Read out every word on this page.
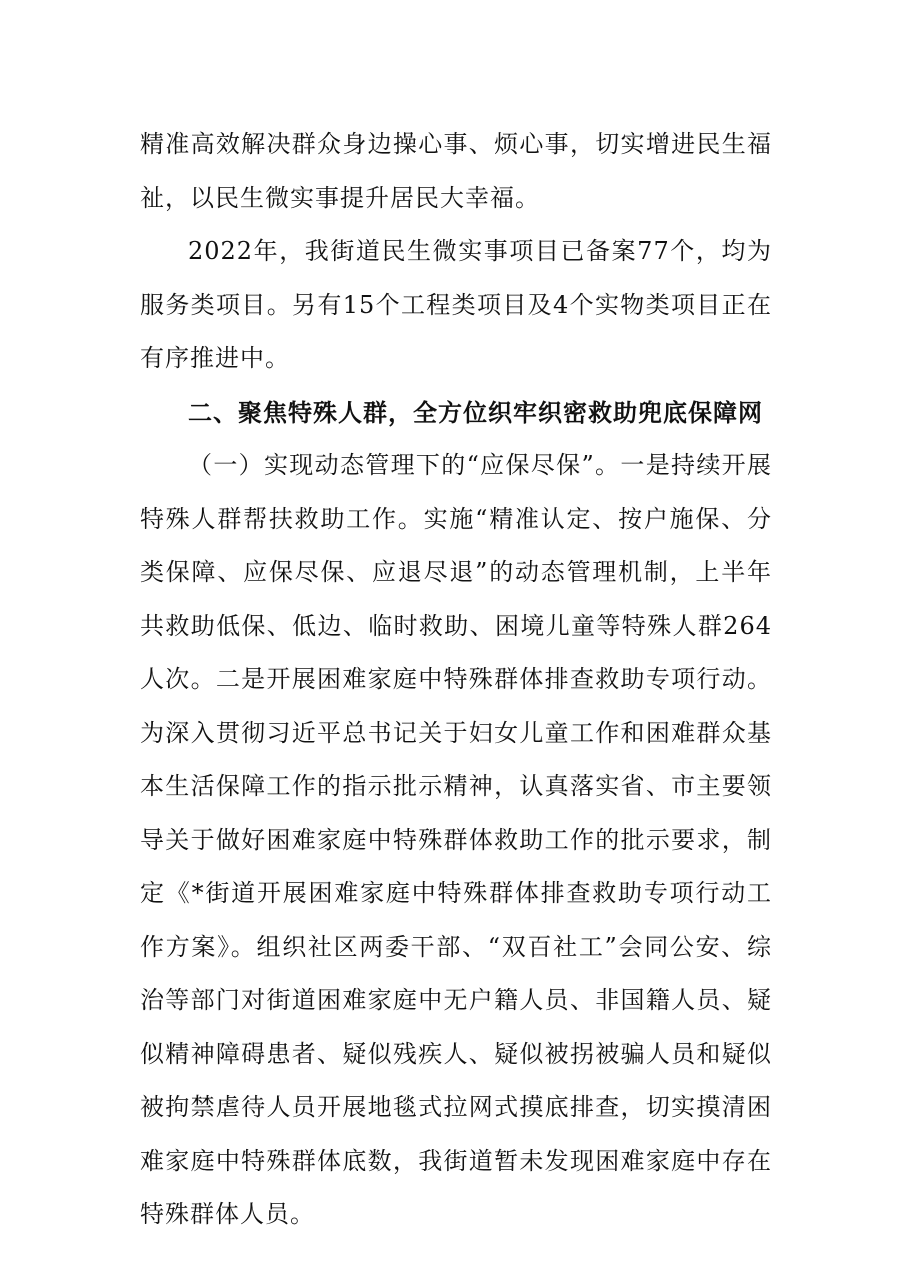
精准高效解决群众身边操心事、烦心事，切实增进民生福祉，以民生微实事提升居民大幸福。

2022年，我街道民生微实事项目已备案77个，均为服务类项目。另有15个工程类项目及4个实物类项目正在有序推进中。

二、聚焦特殊人群，全方位织牢织密救助兜底保障网

（一）实现动态管理下的“应保尽保”。一是持续开展特殊人群帮扶救助工作。实施“精准认定、按户施保、分类保障、应保尽保、应退尽退”的动态管理机制，上半年共救助低保、低边、临时救助、困境儿童等特殊人群264人次。二是开展困难家庭中特殊群体排查救助专项行动。为深入贯彻习近平总书记关于妇女儿童工作和困难群众基本生活保障工作的指示批示精神，认真落实省、市主要领导关于做好困难家庭中特殊群体救助工作的批示要求，制定《*街道开展困难家庭中特殊群体排查救助专项行动工作方案》。组织社区两委干部、“双百社工”会同公安、综治等部门对街道困难家庭中无户籍人员、非国籍人员、疑似精神障碍患者、疑似残疾人、疑似被拐被骗人员和疑似被拘禁虐待人员开展地毯式拉网式摸底排查，切实摸清困难家庭中特殊群体底数，我街道暂未发现困难家庭中存在特殊群体人员。
